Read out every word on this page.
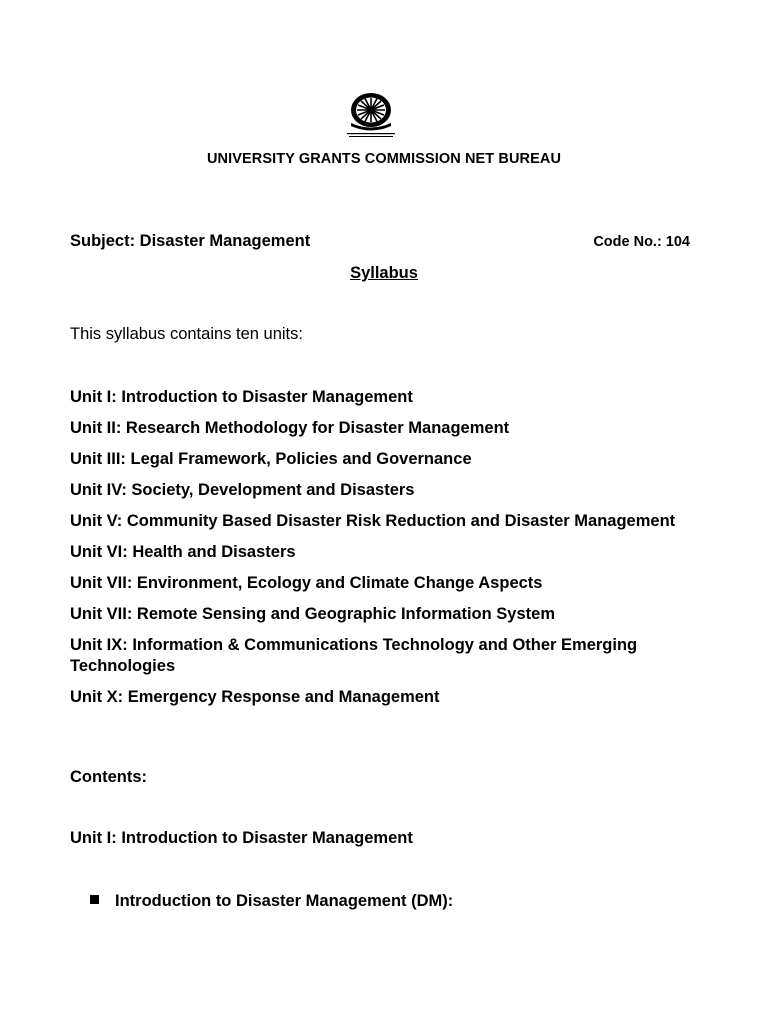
UNIVERSITY GRANTS COMMISSION NET BUREAU
Subject: Disaster Management	Code No.: 104
Syllabus
This syllabus contains ten units:
Unit I: Introduction to Disaster Management
Unit II: Research Methodology for Disaster Management
Unit III: Legal Framework, Policies and Governance
Unit IV: Society, Development and Disasters
Unit V: Community Based Disaster Risk Reduction and Disaster Management
Unit VI: Health and Disasters
Unit VII: Environment, Ecology and Climate Change Aspects
Unit VII: Remote Sensing and Geographic Information System
Unit IX: Information & Communications Technology and Other Emerging Technologies
Unit X: Emergency Response and Management
Contents:
Unit I: Introduction to Disaster Management
Introduction to Disaster Management (DM):
